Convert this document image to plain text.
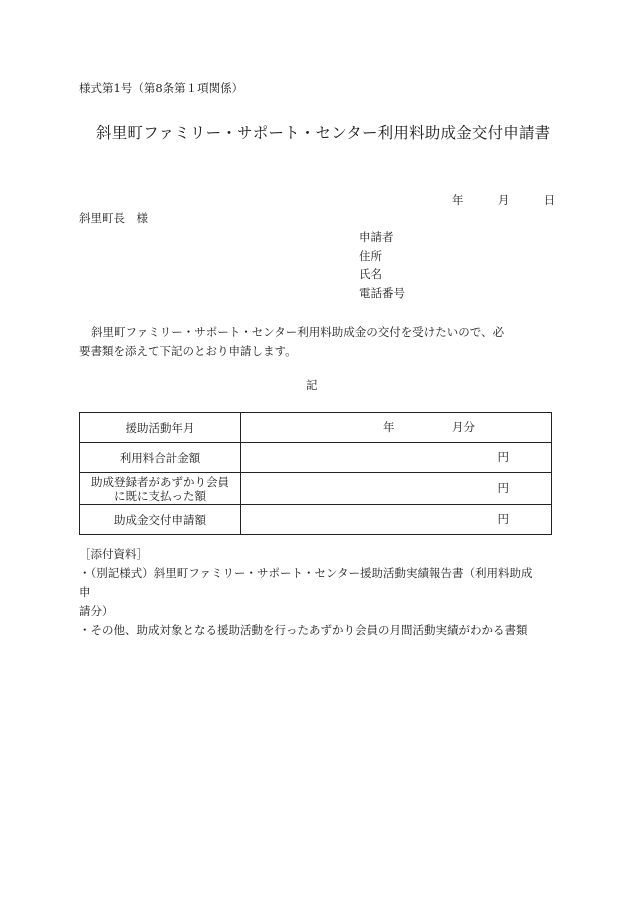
様式第1号（第8条第１項関係）
斜里町ファミリー・サポート・センター利用料助成金交付申請書
年	月	日
斜里町長　様
申請者
住所
氏名
電話番号
斜里町ファミリー・サポート・センター利用料助成金の交付を受けたいので、必
要書類を添えて下記のとおり申請します。
記
援助活動年月	年 月分

利用料合計金額	円

助成登録者があずかり会員
に既に支払った額	円

助成金交付申請額	円
［添付資料］
・（別記様式）斜里町ファミリー・サポート・センター援助活動実績報告書（利用料助成申
請分）
・その他、助成対象となる援助活動を行ったあずかり会員の月間活動実績がわかる書類
